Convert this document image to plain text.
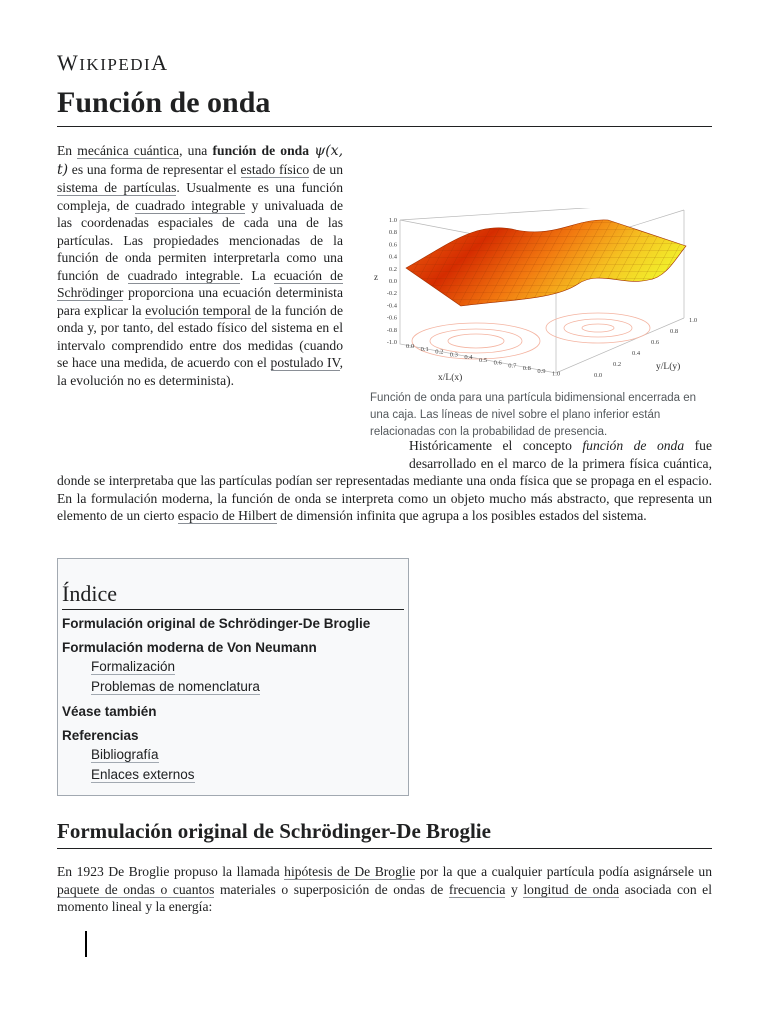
WIKIPEDIA
Función de onda

En mecánica cuántica, una función de onda ψ(x, t) es una forma de representar el estado físico de un sistema de partículas. Usualmente es una función compleja, de cuadrado integrable y univaluada de las coordenadas espaciales de cada una de las partículas. Las propiedades mencionadas de la función de onda permiten interpretarla como una función de cuadrado integrable. La ecuación de Schrödinger proporciona una ecuación determinista para explicar la evolución temporal de la función de onda y, por tanto, del estado físico del sistema en el intervalo comprendido entre dos medidas (cuando se hace una medida, de acuerdo con el postulado IV, la evolución no es determinista).

1.0
0.8
0.6
0.4
0.2
0.0
-0.2
-0.4
-0.6
-0.8
-1.0
0.0 0.1 0.2 0.3 0.4 0.5 0.6 0.7 0.8 0.9 1.0	0.0
0.2
0.4
0.6
0.8
1.0
z
x/L(x)
y/L(y)
Función de onda para una partícula bidimensional encerrada en una caja. Las líneas de nivel sobre el plano inferior están relacionadas con la probabilidad de presencia.

Históricamente el concepto función de onda fue desarrollado en el marco de la primera física cuántica, donde se interpretaba que las partículas podían ser representadas mediante una onda física que se propaga en el espacio. En la formulación moderna, la función de onda se interpreta como un objeto mucho más abstracto, que representa un elemento de un cierto espacio de Hilbert de dimensión infinita que agrupa a los posibles estados del sistema.

Índice
Formulación original de Schrödinger-De Broglie
Formulación moderna de Von Neumann
Formalización
Problemas de nomenclatura
Véase también
Referencias
Bibliografía
Enlaces externos
Formulación original de Schrödinger-De Broglie

En 1923 De Broglie propuso la llamada hipótesis de De Broglie por la que a cualquier partícula podía asignársele un paquete de ondas o cuantos materiales o superposición de ondas de frecuencia y longitud de onda asociada con el momento lineal y la energía:
